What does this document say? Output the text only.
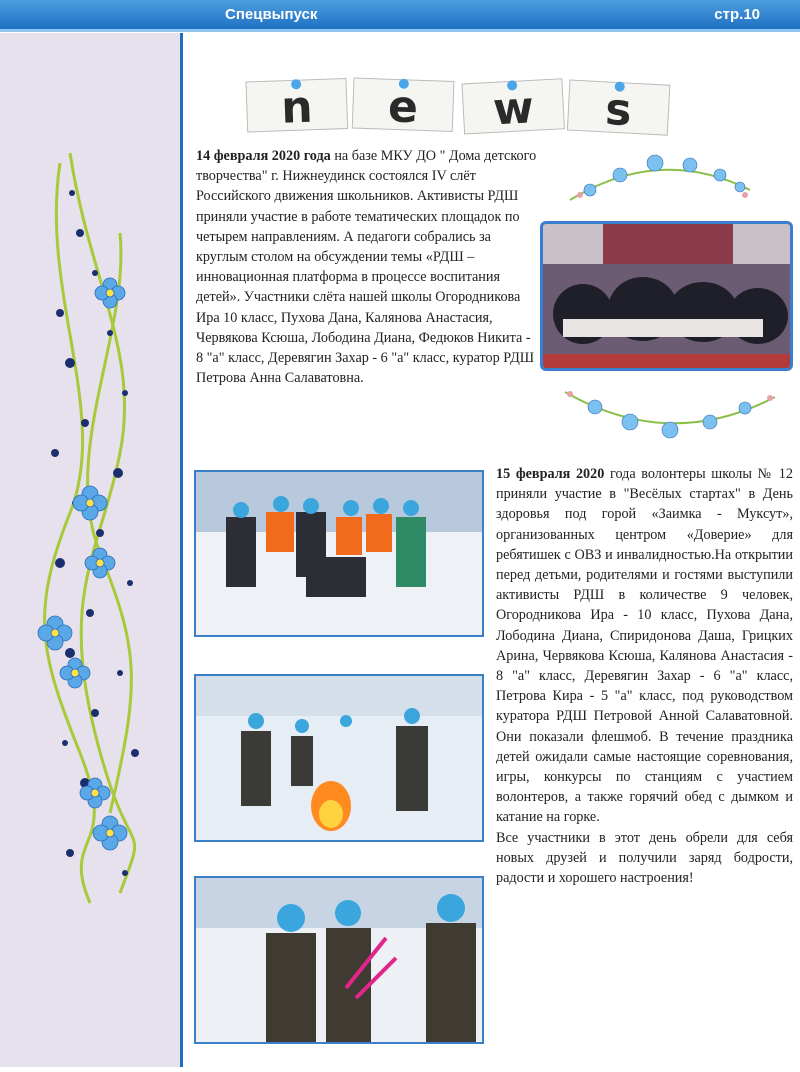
Спецвыпуск	стр.10
n e w s
14 февраля 2020 года на базе МКУ ДО " Дома детского творчества" г. Нижнеудинск состоялся IV слёт Российского движения школьников. Активисты РДШ приняли участие в работе тематических площадок по четырем направлениям. А педагоги собрались за круглым столом на обсуждении темы «РДШ – инновационная платформа в процессе воспитания детей». Участники слёта нашей школы Огородникова Ира 10 класс, Пухова Дана, Калянова Анастасия, Червякова Ксюша, Лободина Диана, Федюков Никита - 8 "а" класс, Деревягин Захар - 6 "а" класс, куратор РДШ Петрова Анна Салаватовна.
15 февраля 2020 года волонтеры школы № 12 приняли участие в "Весёлых стартах" в День здоровья под горой «Заимка - Муксут», организованных центром «Доверие» для ребятишек с ОВЗ и инвалидностью.На открытии перед детьми, родителями и гостями выступили активисты РДШ в количестве 9 человек, Огородникова Ира - 10 класс, Пухова Дана, Лободина Диана, Спиридонова Даша, Грицких Арина, Червякова Ксюша, Калянова Анастасия - 8 "а" класс, Деревягин Захар - 6 "а" класс, Петрова Кира - 5 "а" класс, под руководством куратора РДШ Петровой Анной Салаватовной. Они показали флешмоб. В течение праздника детей ожидали самые настоящие соревнования, игры, конкурсы по станциям с участием волонтеров, а также горячий обед с дымком и катание на горке.
Все участники в этот день обрели для себя новых друзей и получили заряд бодрости, радости и хорошего настроения!
